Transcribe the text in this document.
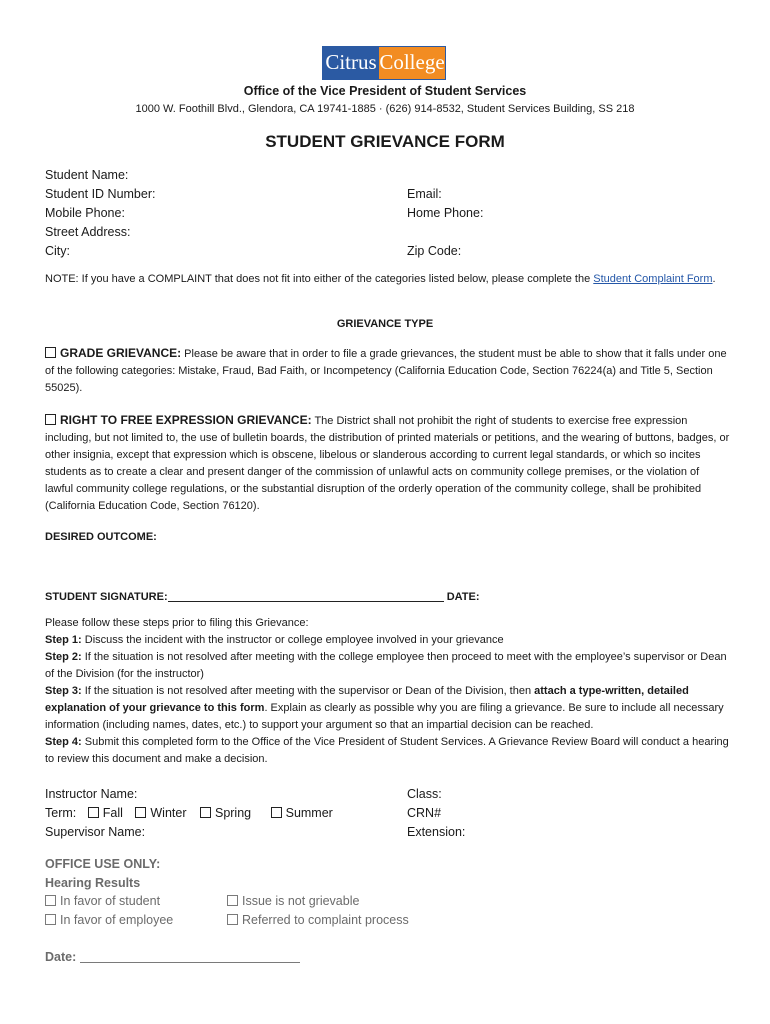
Citrus College
Office of the Vice President of Student Services
1000 W. Foothill Blvd., Glendora, CA 19741-1885 · (626) 914-8532, Student Services Building, SS 218
STUDENT GRIEVANCE FORM
Student Name:
Student ID Number:	Email:
Mobile Phone:	Home Phone:
Street Address:
City:	Zip Code:
NOTE: If you have a COMPLAINT that does not fit into either of the categories listed below, please complete the Student Complaint Form.
GRIEVANCE TYPE
GRADE GRIEVANCE: Please be aware that in order to file a grade grievances, the student must be able to show that it falls under one of the following categories: Mistake, Fraud, Bad Faith, or Incompetency (California Education Code, Section 76224(a) and Title 5, Section 55025).
RIGHT TO FREE EXPRESSION GRIEVANCE: The District shall not prohibit the right of students to exercise free expression including, but not limited to, the use of bulletin boards, the distribution of printed materials or petitions, and the wearing of buttons, badges, or other insignia, except that expression which is obscene, libelous or slanderous according to current legal standards, or which so incites students as to create a clear and present danger of the commission of unlawful acts on community college premises, or the violation of lawful community college regulations, or the substantial disruption of the orderly operation of the community college, shall be prohibited (California Education Code, Section 76120).
DESIRED OUTCOME:
STUDENT SIGNATURE:	DATE:

Please follow these steps prior to filing this Grievance:

Step 1: Discuss the incident with the instructor or college employee involved in your grievance

Step 2: If the situation is not resolved after meeting with the college employee then proceed to meet with the employee’s supervisor or Dean of the Division (for the instructor)

Step 3: If the situation is not resolved after meeting with the supervisor or Dean of the Division, then attach a type-written, detailed explanation of your grievance to this form. Explain as clearly as possible why you are filing a grievance. Be sure to include all necessary information (including names, dates, etc.) to support your argument so that an impartial decision can be reached.

Step 4: Submit this completed form to the Office of the Vice President of Student Services. A Grievance Review Board will conduct a hearing to review this document and make a decision.

Instructor Name:	Class:
Term: Fall Winter Spring	Summer	CRN#
Supervisor Name:	Extension:
OFFICE USE ONLY:
Hearing Results
In favor of student	Issue is not grievable
In favor of employee	Referred to complaint process
Date:
